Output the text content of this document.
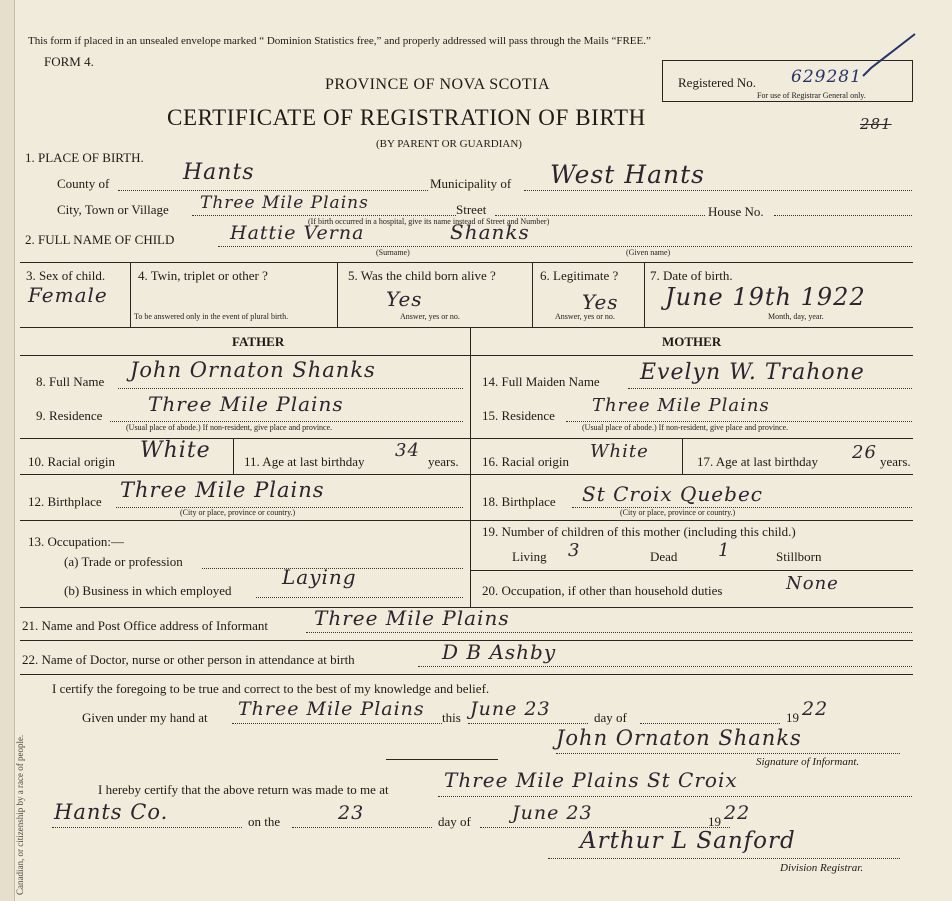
Canadian, or citizenship by a race of people.
This form if placed in an unsealed envelope marked “ Dominion Statistics free,” and properly addressed will pass through the Mails “FREE.”
FORM 4.
PROVINCE OF NOVA SCOTIA
CERTIFICATE OF REGISTRATION OF BIRTH
(BY PARENT OR GUARDIAN)
Registered No. 629281
For use of Registrar General only.
281
1. PLACE OF BIRTH.
County of	Hants	Municipality of West Hants
City, Town or Village Three Mile Plains	Street
(If birth occurred in a hospital, give its name instead of Street and Number)
House No.
2. FULL NAME OF CHILD	Hattie Verna	Shanks
(Surname)	(Given name)
3. Sex of child.
Female
4. Twin, triplet or other ?
To be answered only in the event of plural birth.
5. Was the child born alive ?
Yes
Answer, yes or no.
6. Legitimate ?
Yes
Answer, yes or no.
7. Date of birth.
June 19th 1922
Month, day, year.
FATHER	MOTHER
8. Full Name John Ornaton Shanks
9. Residence Three Mile Plains
(Usual place of abode.) If non-resident, give place and province.
10. Racial origin White	11. Age at last birthday
34
years.
12. Birthplace Three Mile Plains
(City or place, province or country.)
13. Occupation:—
(a) Trade or profession
(b) Business in which employed
Laying
14. Full Maiden Name Evelyn W. Trahone
15. Residence Three Mile Plains
(Usual place of abode.) If non-resident, give place and province.
16. Racial origin White	17. Age at last birthday 26 years.
18. Birthplace St Croix Quebec
(City or place, province or country.)
19. Number of children of this mother (including this child.)
Living 3	Dead 1	Stillborn
20. Occupation, if other than household duties	None
21. Name and Post Office address of Informant Three Mile Plains
22. Name of Doctor, nurse or other person in attendance at birth	D B Ashby
I certify the foregoing to be true and correct to the best of my knowledge and belief.
Given under my hand at Three Mile Plains this June 23	day of	19 22
John Ornaton Shanks
Signature of Informant.
I hereby certify that the above return was made to me at	Three Mile Plains St Croix
Hants Co.	on the	23	day of June 23	19 22
Arthur L Sanford
Division Registrar.
